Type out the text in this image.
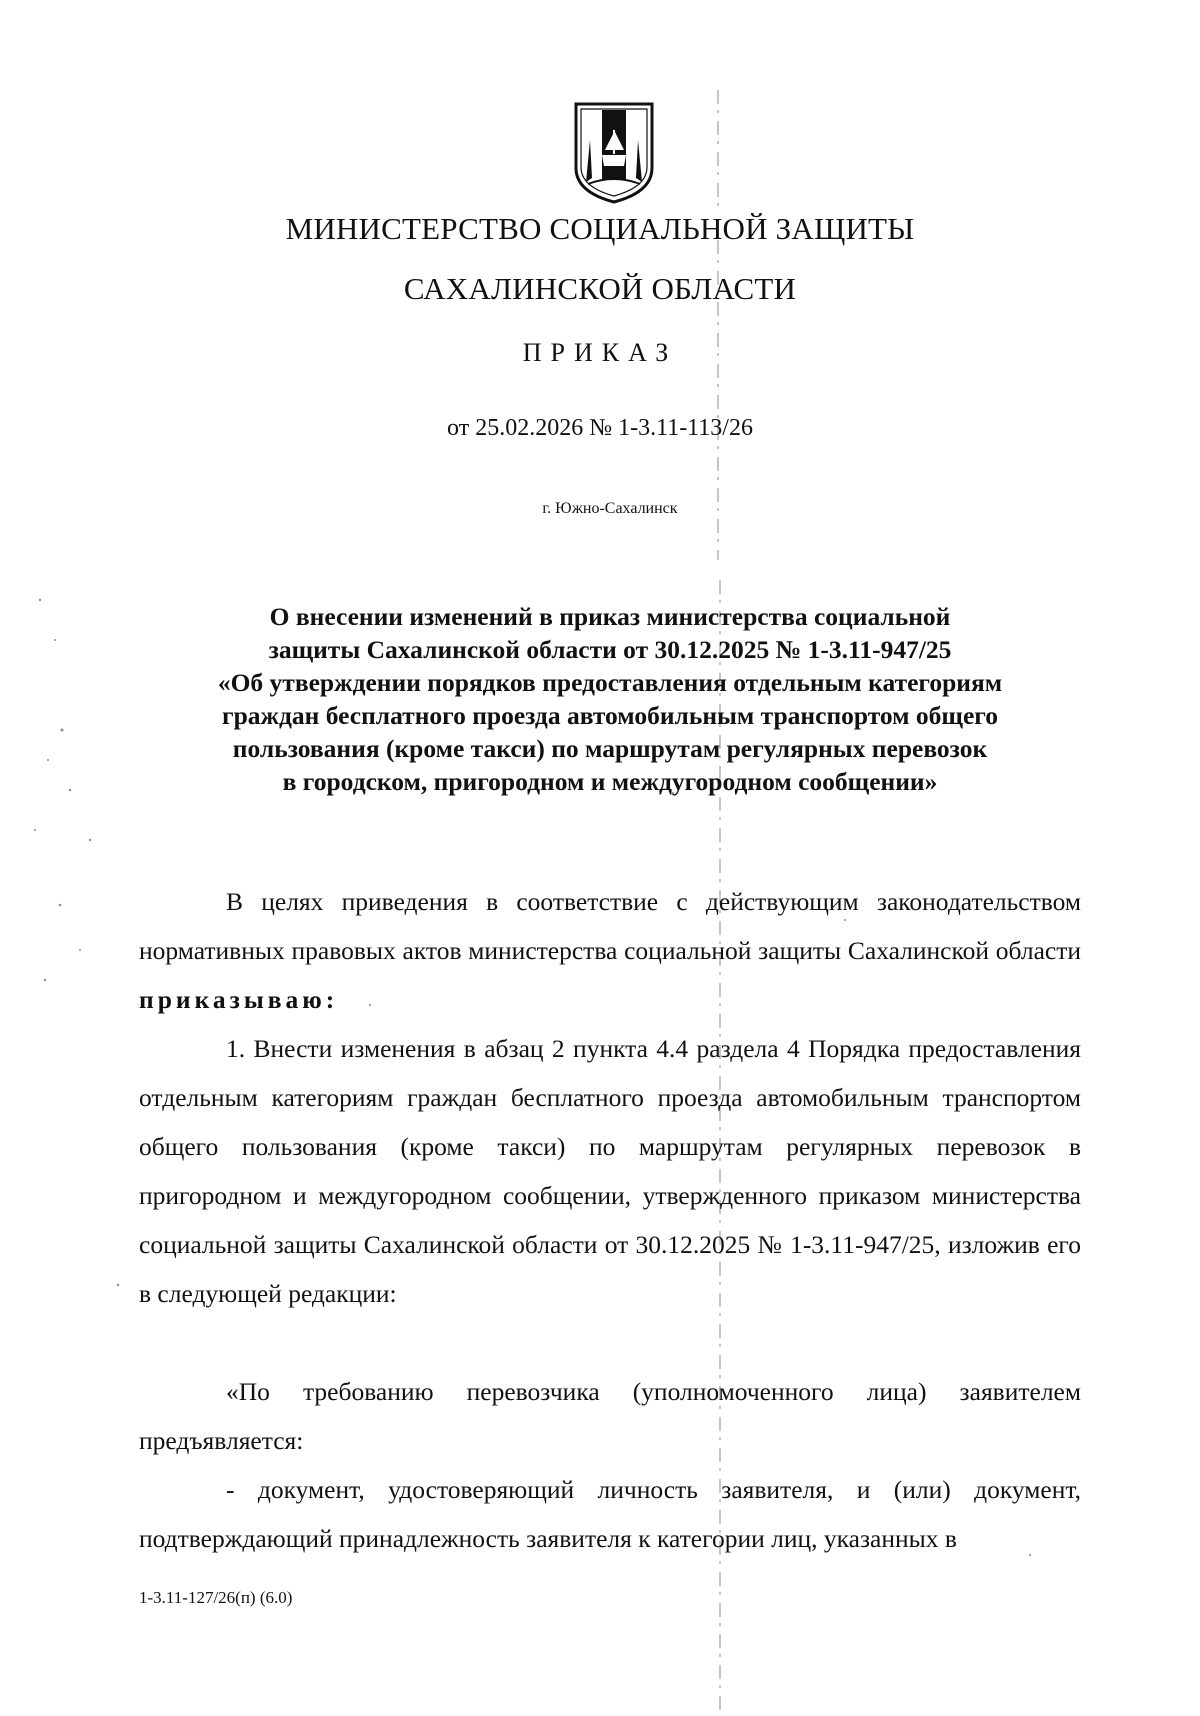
МИНИСТЕРСТВО СОЦИАЛЬНОЙ ЗАЩИТЫ
САХАЛИНСКОЙ ОБЛАСТИ
ПРИКАЗ
от 25.02.2026 № 1-3.11-113/26
г. Южно-Сахалинск
О внесении изменений в приказ министерства социальной
защиты Сахалинской области от 30.12.2025 № 1-3.11-947/25
«Об утверждении порядков предоставления отдельным категориям
граждан бесплатного проезда автомобильным транспортом общего
пользования (кроме такси) по маршрутам регулярных перевозок
в городском, пригородном и междугородном сообщении»

В целях приведения в соответствие с действующим законодательством нормативных правовых актов министерства социальной защиты Сахалинской области приказываю:

1. Внести изменения в абзац 2 пункта 4.4 раздела 4 Порядка предоставления отдельным категориям граждан бесплатного проезда автомобильным транспортом общего пользования (кроме такси) по маршрутам регулярных перевозок в пригородном и междугородном сообщении, утвержденного приказом министерства социальной защиты Сахалинской области от 30.12.2025 № 1-3.11-947/25, изложив его в следующей редакции:

«По требованию перевозчика (уполномоченного лица) заявителем предъявляется:

- документ, удостоверяющий личность заявителя, и (или) документ, подтверждающий принадлежность заявителя к категории лиц, указанных в

1-3.11-127/26(п) (6.0)
